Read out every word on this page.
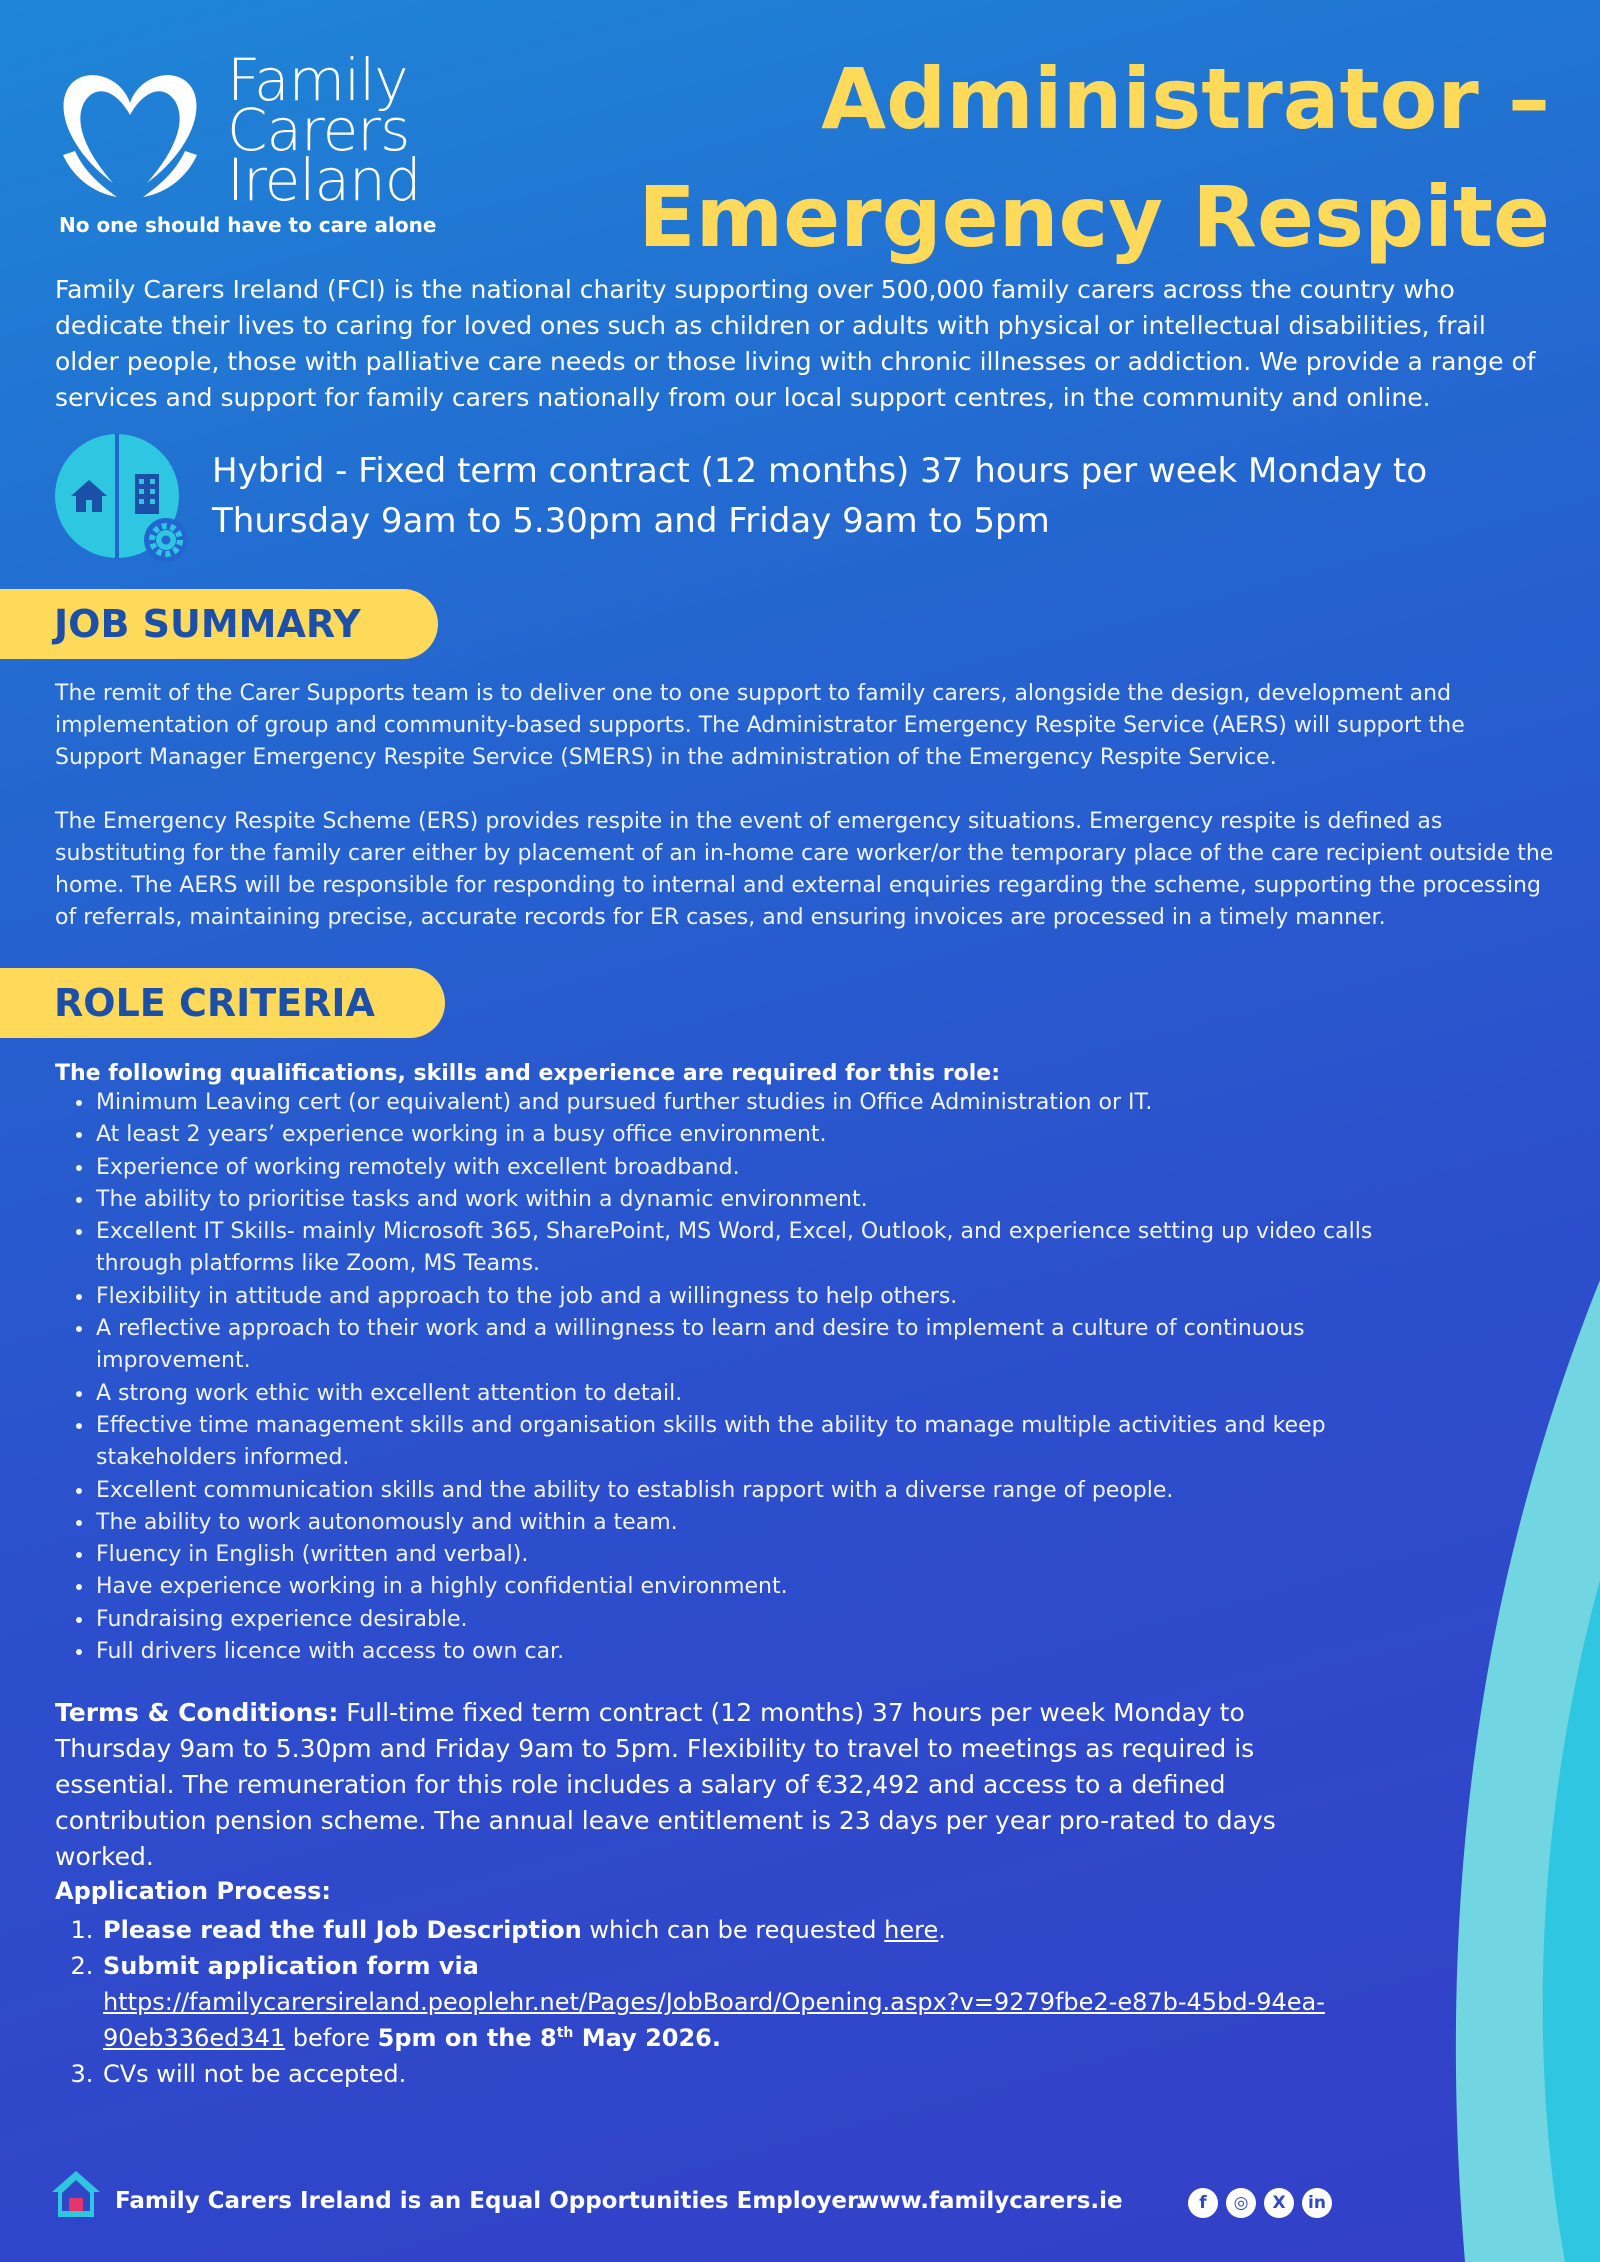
Family
Carers
Ireland
No one should have to care alone
Administrator –
Emergency Respite
Family Carers Ireland (FCI) is the national charity supporting over 500,000 family carers across the country who dedicate their lives to caring for loved ones such as children or adults with physical or intellectual disabilities, frail older people, those with palliative care needs or those living with chronic illnesses or addiction. We provide a range of services and support for family carers nationally from our local support centres, in the community and online.
Hybrid - Fixed term contract (12 months) 37 hours per week Monday to Thursday 9am to 5.30pm and Friday 9am to 5pm
JOB SUMMARY
The remit of the Carer Supports team is to deliver one to one support to family carers, alongside the design, development and implementation of group and community-based supports. The Administrator Emergency Respite Service (AERS) will support the Support Manager Emergency Respite Service (SMERS) in the administration of the Emergency Respite Service.
The Emergency Respite Scheme (ERS) provides respite in the event of emergency situations. Emergency respite is defined as substituting for the family carer either by placement of an in-home care worker/or the temporary place of the care recipient outside the home. The AERS will be responsible for responding to internal and external enquiries regarding the scheme, supporting the processing of referrals, maintaining precise, accurate records for ER cases, and ensuring invoices are processed in a timely manner.
ROLE CRITERIA
The following qualifications, skills and experience are required for this role:
• Minimum Leaving cert (or equivalent) and pursued further studies in Office Administration or IT.
• At least 2 years’ experience working in a busy office environment.
• Experience of working remotely with excellent broadband.
• The ability to prioritise tasks and work within a dynamic environment.
• Excellent IT Skills- mainly Microsoft 365, SharePoint, MS Word, Excel, Outlook, and experience setting up video calls through platforms like Zoom, MS Teams.
• Flexibility in attitude and approach to the job and a willingness to help others.
• A reflective approach to their work and a willingness to learn and desire to implement a culture of continuous improvement.
• A strong work ethic with excellent attention to detail.
• Effective time management skills and organisation skills with the ability to manage multiple activities and keep stakeholders informed.
• Excellent communication skills and the ability to establish rapport with a diverse range of people.
• The ability to work autonomously and within a team.
• Fluency in English (written and verbal).
• Have experience working in a highly confidential environment.
• Fundraising experience desirable.
• Full drivers licence with access to own car.
Terms & Conditions: Full-time fixed term contract (12 months) 37 hours per week Monday to Thursday 9am to 5.30pm and Friday 9am to 5pm. Flexibility to travel to meetings as required is essential. The remuneration for this role includes a salary of €32,492 and access to a defined contribution pension scheme. The annual leave entitlement is 23 days per year pro-rated to days worked.
Application Process:
1. Please read the full Job Description which can be requested here.
2. Submit application form via
https://familycarersireland.peoplehr.net/Pages/JobBoard/Opening.aspx?v=9279fbe2-e87b-45bd-94ea-90eb336ed341 before 5pm on the 8th May 2026.
3. CVs will not be accepted.
Family Carers Ireland is an Equal Opportunities Employer.
www.familycarers.ie	f	◎	X	in
